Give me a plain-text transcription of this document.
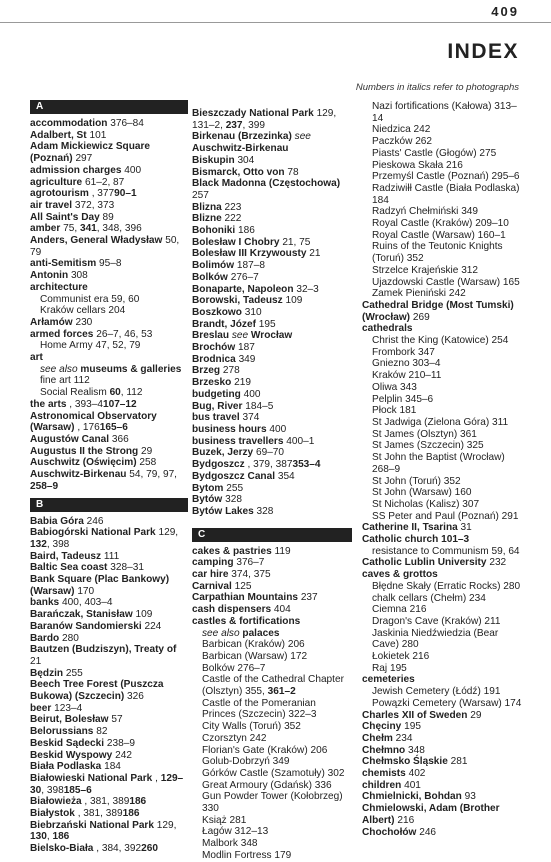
409
INDEX
Numbers in italics refer to photographs
A
accommodation 376–84
Adalbert, St 101
Adam Mickiewicz Square (Poznań) 297
admission charges 400
agriculture 61–2, 87
agrotourism , 37790–1
air travel 372, 373
All Saint's Day 89
amber 75, 341, 348, 396
Anders, General Władysław 50, 79
anti-Semitism 95–8
Antonin 308
architecture
Communist era 59, 60
Kraków cellars 204
Arłamów 230
armed forces 26–7, 46, 53
Home Army 47, 52, 79
art
see also museums & galleries
fine art 112
Social Realism 60, 112
the arts , 393–4107–12
Astronomical Observatory (Warsaw) , 176165–6
Augustów Canal 366
Augustus II the Strong 29
Auschwitz (Oświęcim) 258
Auschwitz-Birkenau 54, 79, 97, 258–9
B
Babia Góra 246
Babiogórski National Park 129, 132, 398
Baird, Tadeusz 111
Baltic Sea coast 328–31
Bank Square (Plac Bankowy) (Warsaw) 170
banks 400, 403–4
Barańczak, Stanisław 109
Baranów Sandomierski 224
Bardo 280
Bautzen (Budziszyn), Treaty of 21
Będzin 255
Beech Tree Forest (Puszcza Bukowa) (Szczecin) 326
beer 123–4
Beirut, Bolesław 57
Belorussians 82
Beskid Sądecki 238–9
Beskid Wyspowy 242
Biała Podlaska 184
Białowieski National Park , 129–30, 398185–6
Białowieża , 381, 389186
Białystok , 381, 389186
Biebrzański National Park 129, 130, 186
Bielsko-Biała , 384, 392260
Bieszczady National Park 129, 131–2, 237, 399
Birkenau (Brzezinka) see Auschwitz-Birkenau
Biskupin 304
Bismarck, Otto von 78
Black Madonna (Częstochowa) 257
Blizna 223
Blizne 222
Bohoniki 186
Bolesław I Chobry 21, 75
Bolesław III Krzywousty 21
Bolimów 187–8
Bolków 276–7
Bonaparte, Napoleon 32–3
Borowski, Tadeusz 109
Boszkowo 310
Brandt, Józef 195
Breslau see Wrocław
Brochów 187
Brodnica 349
Brzeg 278
Brzesko 219
budgeting 400
Bug, River 184–5
bus travel 374
business hours 400
business travellers 400–1
Buzek, Jerzy 69–70
Bydgoszcz , 379, 387353–4
Bydgoszcz Canal 354
Bytom 255
Bytów 328
Bytów Lakes 328
C
cakes & pastries 119
camping 376–7
car hire 374, 375
Carnival 125
Carpathian Mountains 237
cash dispensers 404
castles & fortifications
see also palaces
Barbican (Kraków) 206
Barbican (Warsaw) 172
Bolków 276–7
Castle of the Cathedral Chapter (Olsztyn) 355, 361–2
Castle of the Pomeranian Princes (Szczecin) 322–3
City Walls (Toruń) 352
Czorsztyn 242
Florian's Gate (Kraków) 206
Golub-Dobrzyń 349
Górków Castle (Szamotuły) 302
Great Armoury (Gdańsk) 336
Gun Powder Tower (Kołobrzeg) 330
Książ 281
Łagów 312–13
Malbork 348
Modlin Fortress 179
Nazi fortifications (Kałowa) 313–14
Niedzica 242
Paczków 262
Piasts' Castle (Głogów) 275
Pieskowa Skała 216
Przemyśl Castle (Poznań) 295–6
Radziwiłł Castle (Biała Podlaska) 184
Radzyń Chełmiński 349
Royal Castle (Kraków) 209–10
Royal Castle (Warsaw) 160–1
Ruins of the Teutonic Knights (Toruń) 352
Strzelce Krajeńskie 312
Ujazdowski Castle (Warsaw) 165
Zamek Pieniński 242
Cathedral Bridge (Most Tumski) (Wrocław) 269
cathedrals
Christ the King (Katowice) 254
Frombork 347
Gniezno 303–4
Kraków 210–11
Oliwa 343
Pelplin 345–6
Płock 181
St Jadwiga (Zielona Góra) 311
St James (Olsztyn) 361
St James (Szczecin) 325
St John the Baptist (Wrocław) 268–9
St John (Toruń) 352
St John (Warsaw) 160
St Nicholas (Kalisz) 307
SS Peter and Paul (Poznań) 291
Catherine II, Tsarina 31
Catholic church 101–3
resistance to Communism 59, 64
Catholic Lublin University 232
caves & grottos
Błędne Skały (Erratic Rocks) 280
chalk cellars (Chełm) 234
Ciemna 216
Dragon's Cave (Kraków) 211
Jaskinia Niedźwiedzia (Bear Cave) 280
Łokietek 216
Raj 195
cemeteries
Jewish Cemetery (Łódź) 191
Powązki Cemetery (Warsaw) 174
Charles XII of Sweden 29
Chęciny 195
Chełm 234
Chełmno 348
Chełmsko Śląskie 281
chemists 402
children 401
Chmielnicki, Bohdan 93
Chmielowski, Adam (Brother Albert) 216
Chochołów 246
